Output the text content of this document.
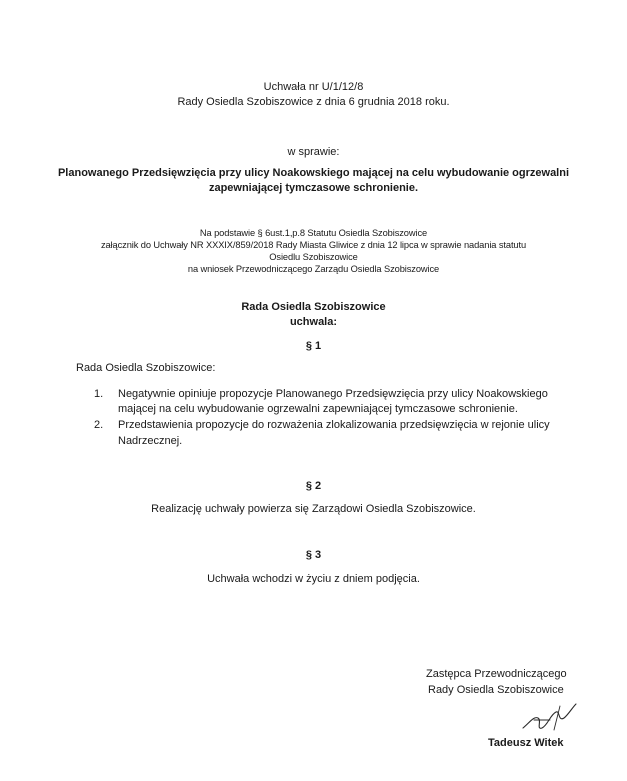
Uchwała nr U/1/12/8
Rady Osiedla Szobiszowice z dnia 6 grudnia 2018 roku.
w sprawie:
Planowanego Przedsięwzięcia przy ulicy Noakowskiego mającej na celu wybudowanie ogrzewalni
zapewniającej tymczasowe schronienie.
Na podstawie § 6ust.1,p.8 Statutu Osiedla Szobiszowice
załącznik do Uchwały NR XXXIX/859/2018 Rady Miasta Gliwice z dnia 12 lipca w sprawie nadania statutu
Osiedlu Szobiszowice
na wniosek Przewodniczącego Zarządu Osiedla Szobiszowice
Rada Osiedla Szobiszowice
uchwala:
§ 1
Rada Osiedla Szobiszowice:
1. Negatywnie opiniuje propozycje Planowanego Przedsięwzięcia przy ulicy Noakowskiego
mającej na celu wybudowanie ogrzewalni zapewniającej tymczasowe schronienie.
2. Przedstawienia propozycje do rozważenia zlokalizowania przedsięwzięcia w rejonie ulicy
Nadrzecznej.
§ 2
Realizację uchwały powierza się Zarządowi Osiedla Szobiszowice.
§ 3
Uchwała wchodzi w życiu z dniem podjęcia.
Zastępca Przewodniczącego
Rady Osiedla Szobiszowice
Tadeusz Witek
